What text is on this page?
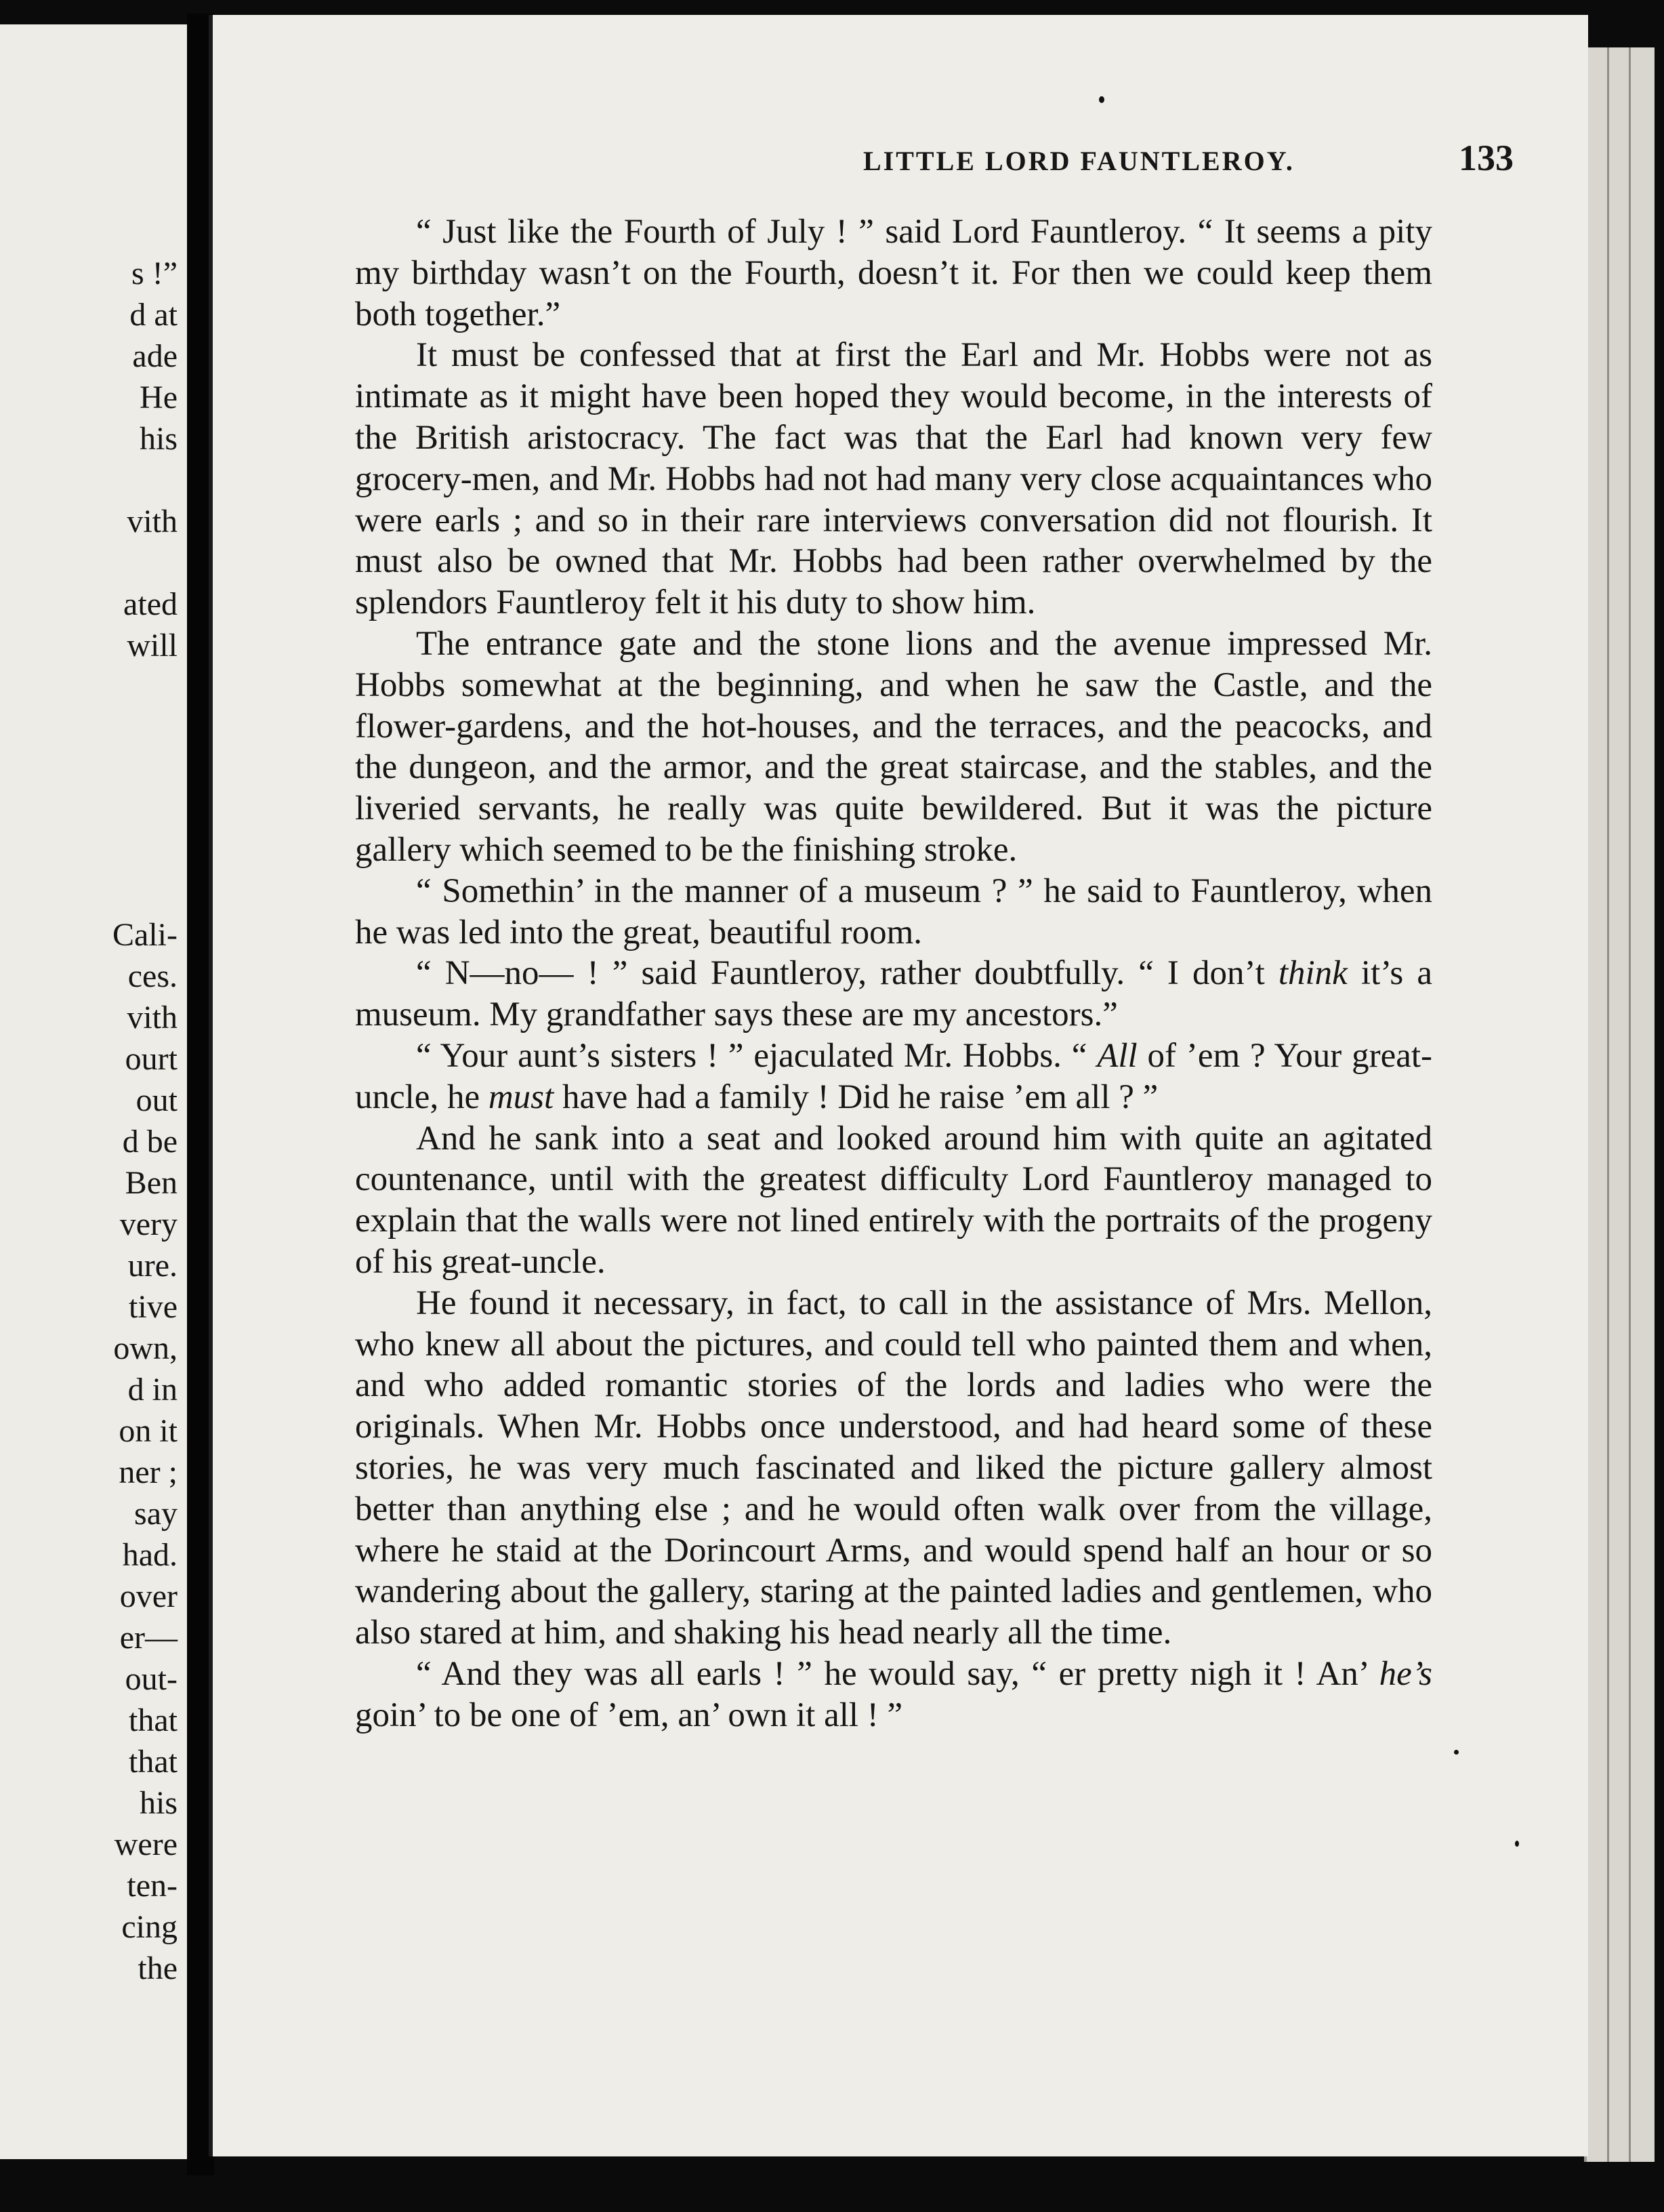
s !”
d at
ade
He
his
vith
ated
will
Cali-
ces.
vith
ourt
out
d be
Ben
very
ure.
tive
own,
d in
on it
ner ;
say
had.
over
er—
out-
that
that
his
were
ten-
cing
the
LITTLE LORD FAUNTLEROY.	133

“ Just like the Fourth of July ! ” said Lord Fauntleroy. “ It seems a pity my birthday wasn’t on the Fourth, doesn’t it. For then we could keep them both together.”

It must be confessed that at first the Earl and Mr. Hobbs were not as intimate as it might have been hoped they would become, in the interests of the British aristocracy. The fact was that the Earl had known very few grocery-men, and Mr. Hobbs had not had many very close acquaintances who were earls ; and so in their rare interviews conversation did not flourish. It must also be owned that Mr. Hobbs had been rather overwhelmed by the splendors Fauntleroy felt it his duty to show him.

The entrance gate and the stone lions and the avenue impressed Mr. Hobbs somewhat at the beginning, and when he saw the Castle, and the flower-gardens, and the hot-houses, and the terraces, and the peacocks, and the dungeon, and the armor, and the great staircase, and the stables, and the liveried servants, he really was quite bewildered. But it was the picture gallery which seemed to be the finishing stroke.

“ Somethin’ in the manner of a museum ? ” he said to Fauntleroy, when he was led into the great, beautiful room.

“ N—no— ! ” said Fauntleroy, rather doubtfully. “ I don’t think it’s a museum. My grandfather says these are my ancestors.”

“ Your aunt’s sisters ! ” ejaculated Mr. Hobbs. “ All of ’em ? Your great-uncle, he must have had a family ! Did he raise ’em all ? ”

And he sank into a seat and looked around him with quite an agitated countenance, until with the greatest difficulty Lord Fauntleroy managed to explain that the walls were not lined entirely with the portraits of the progeny of his great-uncle.

He found it necessary, in fact, to call in the assistance of Mrs. Mellon, who knew all about the pictures, and could tell who painted them and when, and who added romantic stories of the lords and ladies who were the originals. When Mr. Hobbs once understood, and had heard some of these stories, he was very much fascinated and liked the picture gallery almost better than anything else ; and he would often walk over from the village, where he staid at the Dorincourt Arms, and would spend half an hour or so wandering about the gallery, staring at the painted ladies and gentlemen, who also stared at him, and shaking his head nearly all the time.

“ And they was all earls ! ” he would say, “ er pretty nigh it ! An’ he’s goin’ to be one of ’em, an’ own it all ! ”
